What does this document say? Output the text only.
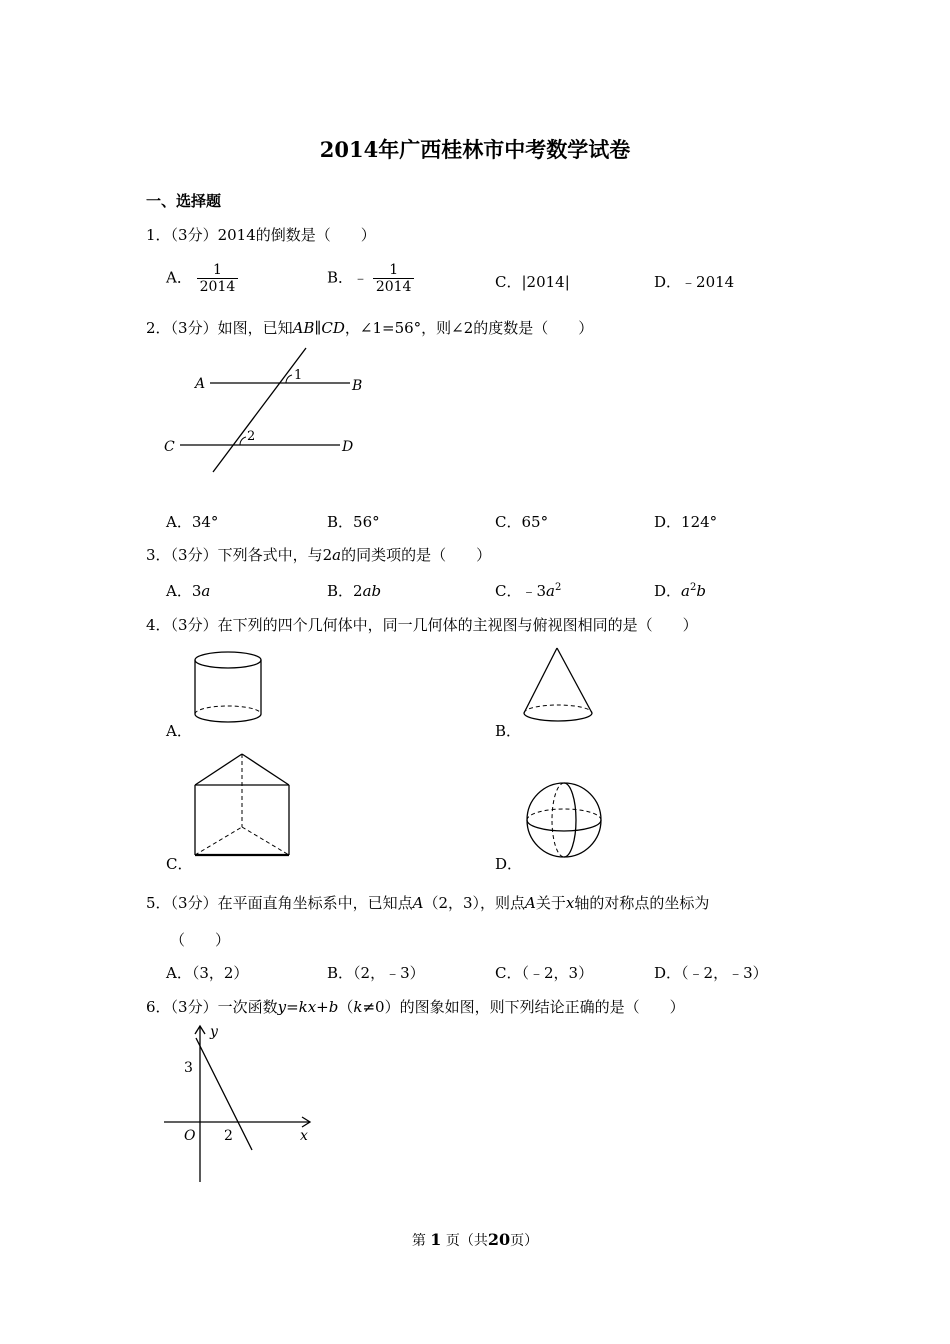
2014年广西桂林市中考数学试卷
一、选择题
1．（3分）2014的倒数是（　　）
A． $\frac{1}{2014}$	B．﹣ $\frac{1}{2014}$	C．|2014|	D．﹣2014
2．（3分）如图，已知AB∥CD，∠1=56°，则∠2的度数是（　　）
A	B
C	D
1
2
A．34°	B．56°	C．65°	D．124°
3．（3分）下列各式中，与2a的同类项的是（　　）
A．3a	B．2ab	C．$﹣3a^2$	D．$a^2b$
4．（3分）在下列的四个几何体中，同一几何体的主视图与俯视图相同的是（　　）
A．	B．
C．	D．
5．（3分）在平面直角坐标系中，已知点A（2，3），则点A关于x轴的对称点的坐标为
（　　）
A．（3，2）	B．（2，﹣3）	C．（﹣2，3）	D．（﹣2，﹣3）
6．（3分）一次函数y=kx+b（k≠0）的图象如图，则下列结论正确的是（　　）
y
x
O
3
2
第 1 页（共20页）
